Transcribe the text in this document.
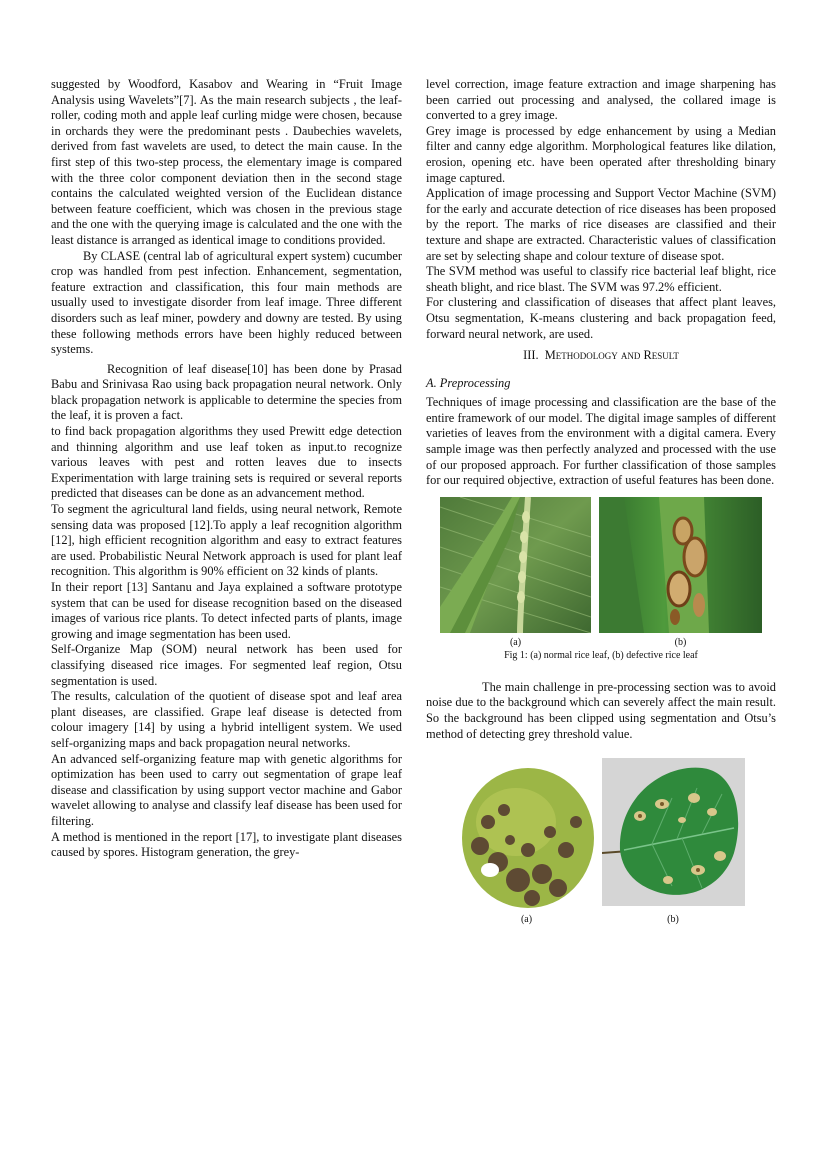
suggested by Woodford, Kasabov and Wearing in “Fruit Image Analysis using Wavelets”[7]. As the main research subjects , the leaf-roller, coding moth and apple leaf curling midge were chosen, because in orchards they were the predominant pests . Daubechies wavelets, derived from fast wavelets are used, to detect the main cause. In the first step of this two-step process, the elementary image is compared with the three color component deviation then in the second stage contains the calculated weighted version of the Euclidean distance between feature coefficient, which was chosen in the previous stage and the one with the querying image is calculated and the one with the least distance is arranged as identical image to conditions provided.

By CLASE (central lab of agricultural expert system) cucumber crop was handled from pest infection. Enhancement, segmentation, feature extraction and classification, this four main methods are usually used to investigate disorder from leaf image. Three different disorders such as leaf miner, powdery and downy are tested. By using these following methods errors have been highly reduced between systems.

Recognition of leaf disease[10] has been done by Prasad Babu and Srinivasa Rao using back propagation neural network. Only black propagation network is applicable to determine the species from the leaf, it is proven a fact.

to find back propagation algorithms they used Prewitt edge detection and thinning algorithm and use leaf token as input.to recognize various leaves with pest and rotten leaves due to insects Experimentation with large training sets is required or several reports predicted that diseases can be done as an advancement method.

To segment the agricultural land fields, using neural network, Remote sensing data was proposed [12].To apply a leaf recognition algorithm [12], high efficient recognition algorithm and easy to extract features are used. Probabilistic Neural Network approach is used for plant leaf recognition. This algorithm is 90% efficient on 32 kinds of plants.

In their report [13] Santanu and Jaya explained a software prototype system that can be used for disease recognition based on the diseased images of various rice plants. To detect infected parts of plants, image growing and image segmentation has been used.

Self-Organize Map (SOM) neural network has been used for classifying diseased rice images. For segmented leaf region, Otsu segmentation is used.

The results, calculation of the quotient of disease spot and leaf area plant diseases, are classified. Grape leaf disease is detected from colour imagery [14] by using a hybrid intelligent system. We used self-organizing maps and back propagation neural networks.

An advanced self-organizing feature map with genetic algorithms for optimization has been used to carry out segmentation of grape leaf disease and classification by using support vector machine and Gabor wavelet allowing to analyse and classify leaf disease has been used for filtering.

A method is mentioned in the report [17], to investigate plant diseases caused by spores. Histogram generation, the grey-

level correction, image feature extraction and image sharpening has been carried out processing and analysed, the collared image is converted to a grey image.

Grey image is processed by edge enhancement by using a Median filter and canny edge algorithm. Morphological features like dilation, erosion, opening etc. have been operated after thresholding binary image captured.

Application of image processing and Support Vector Machine (SVM) for the early and accurate detection of rice diseases has been proposed by the report. The marks of rice diseases are classified and their texture and shape are extracted. Characteristic values of classification are set by selecting shape and colour texture of disease spot.

The SVM method was useful to classify rice bacterial leaf blight, rice sheath blight, and rice blast. The SVM was 97.2% efficient.

For clustering and classification of diseases that affect plant leaves, Otsu segmentation, K-means clustering and back propagation feed, forward neural network, are used.

III. Methodology and Result
A. Preprocessing

Techniques of image processing and classification are the base of the entire framework of our model. The digital image samples of different varieties of leaves from the environment with a digital camera. Every sample image was then perfectly analyzed and processed with the use of our proposed approach. For further classification of those samples for our required objective, extraction of useful features has been done.

(a)	(b)
Fig 1: (a) normal rice leaf, (b) defective rice leaf

The main challenge in pre-processing section was to avoid noise due to the background which can severely affect the main result. So the background has been clipped using segmentation and Otsu’s method of detecting grey threshold value.

(a)	(b)
